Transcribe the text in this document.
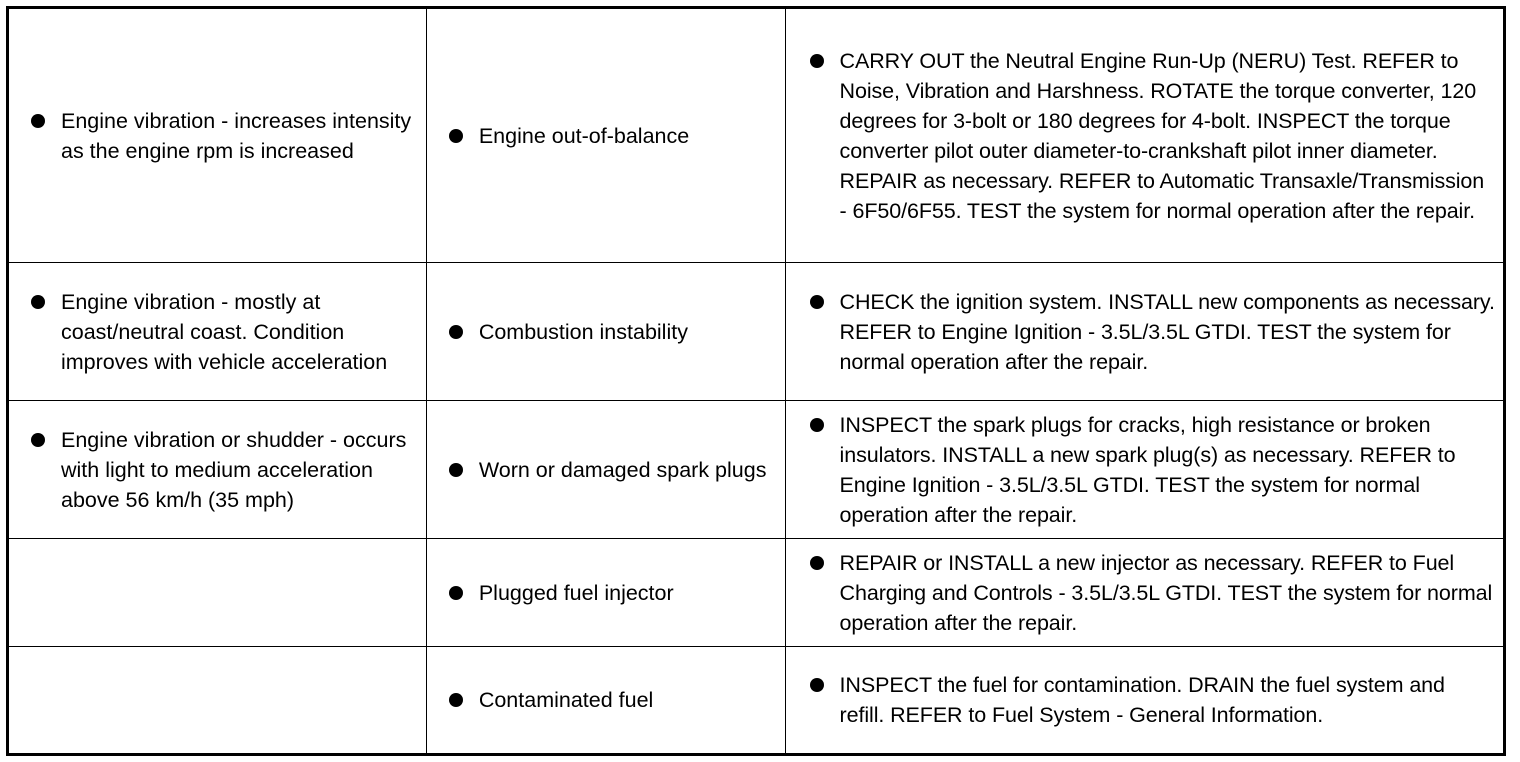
Engine vibration - increases intensity as the engine rpm is increased	Engine out-of-balance	CARRY OUT the Neutral Engine Run-Up (NERU) Test. REFER to Noise, Vibration and Harshness. ROTATE the torque converter, 120 degrees for 3-bolt or 180 degrees for 4-bolt. INSPECT the torque converter pilot outer diameter-to-crankshaft pilot inner diameter. REPAIR as necessary. REFER to Automatic Transaxle/Transmission - 6F50/6F55. TEST the system for normal operation after the repair.

Engine vibration - mostly at coast/neutral coast. Condition improves with vehicle acceleration	Combustion instability	CHECK the ignition system. INSTALL new components as necessary. REFER to Engine Ignition - 3.5L/3.5L GTDI. TEST the system for normal operation after the repair.

Engine vibration or shudder - occurs with light to medium acceleration above 56 km/h (35 mph)	Worn or damaged spark plugs	INSPECT the spark plugs for cracks, high resistance or broken insulators. INSTALL a new spark plug(s) as necessary. REFER to Engine Ignition - 3.5L/3.5L GTDI. TEST the system for normal operation after the repair.

	Plugged fuel injector	REPAIR or INSTALL a new injector as necessary. REFER to Fuel Charging and Controls - 3.5L/3.5L GTDI. TEST the system for normal operation after the repair.

	Contaminated fuel	INSPECT the fuel for contamination. DRAIN the fuel system and refill. REFER to Fuel System - General Information.
